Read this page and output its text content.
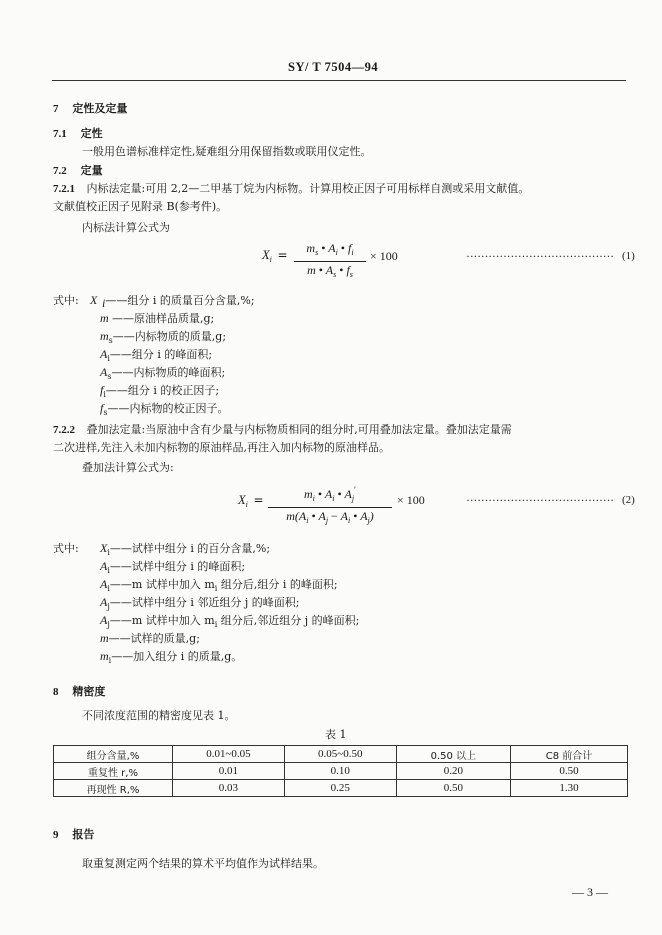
SY/ T 7504—94
7 定性及定量
7.1 定性
一般用色谱标准样定性,疑难组分用保留指数或联用仪定性。
7.2 定量
7.2.1 内标法定量:可用 2,2—二甲基丁烷为内标物。计算用校正因子可用标样自测或采用文献值。
文献值校正因子见附录 B(参考件)。
内标法计算公式为
$X_i = m_s$ • $A_i$ • $f_i$
m • $A_s$ • $f_s$
× 100	········································ (1)
式中: X i——组分 i 的质量百分含量,%;
m ——原油样品质量,g;
$m_s——$内标物质的质量,g;
$A_i——$组分 i 的峰面积;
$A_s——$内标物质的峰面积;
$f_i——$组分 i 的校正因子;
$f_s——$内标物的校正因子。
7.2.2 叠加法定量:当原油中含有少量与内标物质相同的组分时,可用叠加法定量。叠加法定量需
二次进样,先注入未加内标物的原油样品,再注入加内标物的原油样品。
叠加法计算公式为:
$X_i$ =	$m_i$ • $A_i$ • $A_j'$
$m(A_i$ • $A_j - A_i$ • $A_j$)
× 100	········································ (2)
式中: $X_i——$试样中组分 i 的百分含量,%;
$A_i——$试样中组分 i 的峰面积;
$A_i——m$ 试样中加入 $m_i$ 组分后,组分 i 的峰面积;
$A_j——$试样中组分 i 邻近组分 j 的峰面积;
$A_j——m$ 试样中加入 $m_i$ 组分后,邻近组分 j 的峰面积;
m——试样的质量,g;
$m_i——$加入组分 i 的质量,g。
8 精密度
不同浓度范围的精密度见表 1。
表 1
组分含量,%	0.01~0.05	0.05~0.50	0.50 以上	C8 前合计
重复性 r,%	0.01	0.10	0.20	0.50
再现性 R,%	0.03	0.25	0.50	1.30
9 报告
取重复测定两个结果的算术平均值作为试样结果。
— 3 —
